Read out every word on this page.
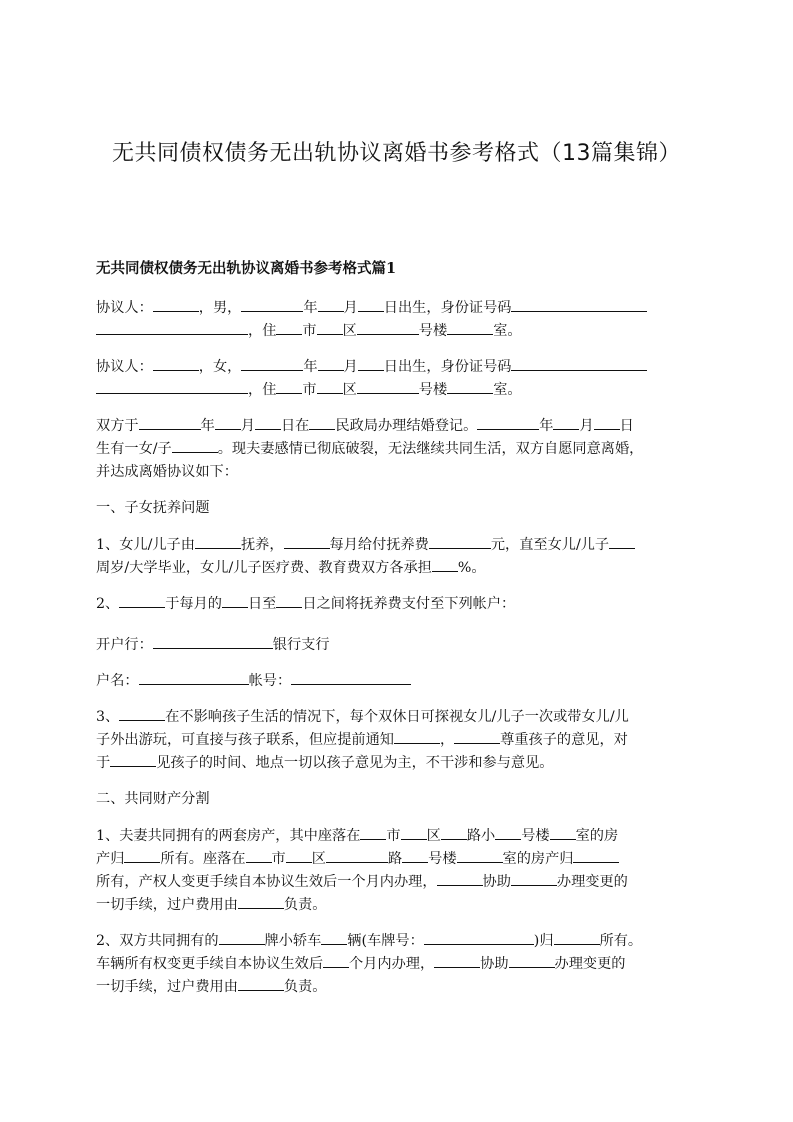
无共同债权债务无出轨协议离婚书参考格式（13篇集锦）
无共同债权债务无出轨协议离婚书参考格式篇1
协议人：	，男，	年 月 日出生，身份证号码
，住 市 区	号楼	室。
协议人：	，女，	年 月 日出生，身份证号码
，住 市 区	号楼	室。
双方于	年 月 日在 民政局办理结婚登记。	年 月 日
生有一女/子	。现夫妻感情已彻底破裂，无法继续共同生活，双方自愿同意离婚，
并达成离婚协议如下：
一、子女抚养问题
1、女儿/儿子由	抚养，	每月给付抚养费	元，直至女儿/儿子
周岁/大学毕业，女儿/儿子医疗费、教育费双方各承担 %。
2、	于每月的 日至 日之间将抚养费支付至下列帐户：
开户行：	银行支行
户名：	帐号：
3、	在不影响孩子生活的情况下，每个双休日可探视女儿/儿子一次或带女儿/儿
子外出游玩，可直接与孩子联系，但应提前通知	，	尊重孩子的意见，对
于	见孩子的时间、地点一切以孩子意见为主，不干涉和参与意见。
二、共同财产分割
1、夫妻共同拥有的两套房产，其中座落在 市 区 路小 号楼 室的房
产归	所有。座落在 市 区	路 号楼	室的房产归
所有，产权人变更手续自本协议生效后一个月内办理，	协助	办理变更的
一切手续，过户费用由	负责。
2、双方共同拥有的	牌小轿车 辆(车牌号：	)归	所有。
车辆所有权变更手续自本协议生效后 个月内办理，	协助	办理变更的
一切手续，过户费用由	负责。
